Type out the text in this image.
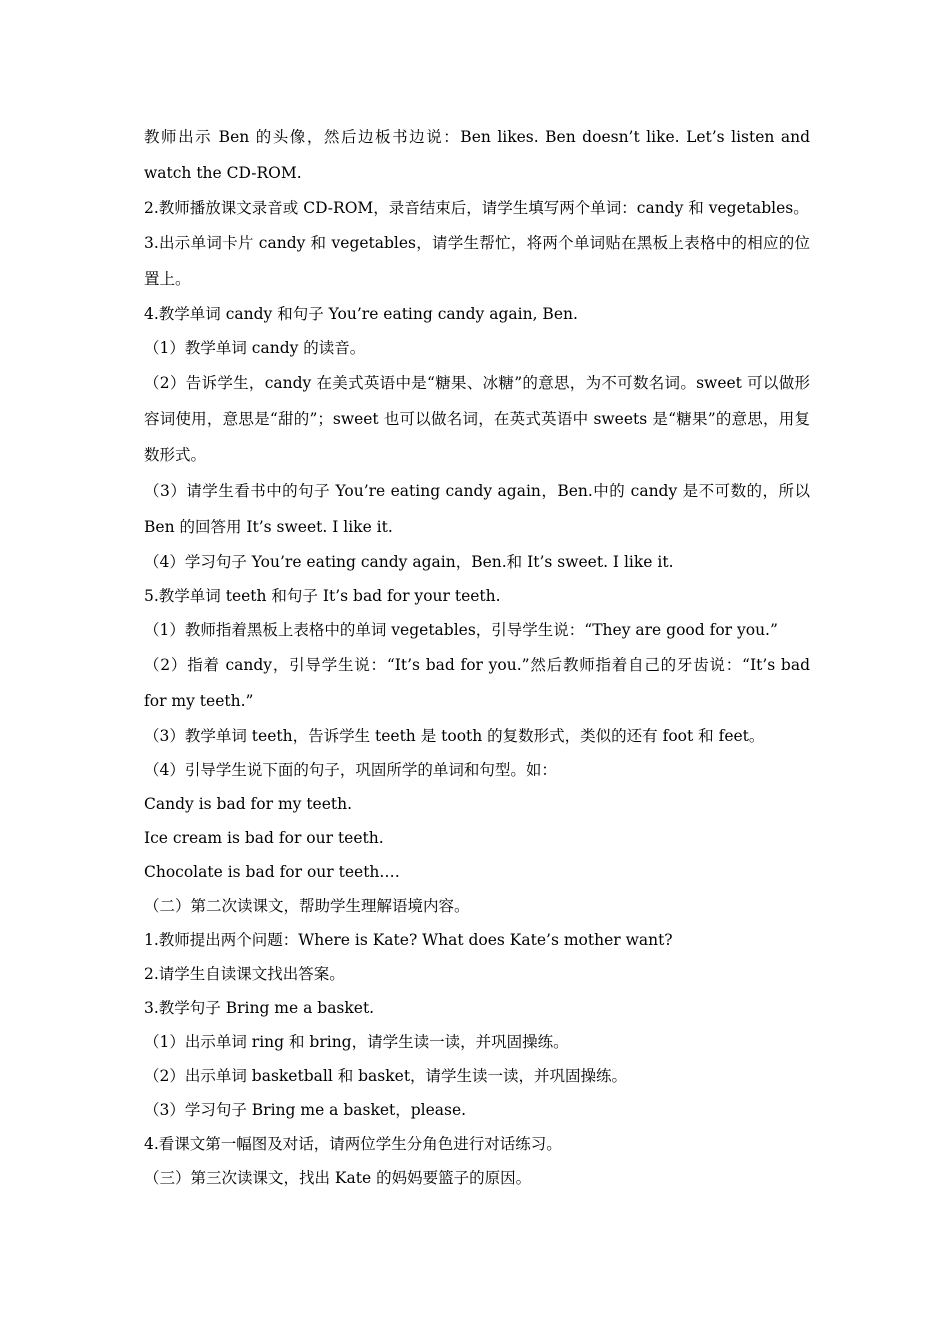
教师出示 Ben 的头像，然后边板书边说：Ben likes. Ben doesn’t like. Let’s listen and watch the CD-ROM.

2.教师播放课文录音或 CD-ROM，录音结束后，请学生填写两个单词：candy 和 vegetables。

3.出示单词卡片 candy 和 vegetables，请学生帮忙，将两个单词贴在黑板上表格中的相应的位置上。

4.教学单词 candy 和句子 You’re eating candy again, Ben.

（1）教学单词 candy 的读音。

（2）告诉学生，candy 在美式英语中是“糖果、冰糖”的意思，为不可数名词。sweet 可以做形容词使用，意思是“甜的”；sweet 也可以做名词，在英式英语中 sweets 是“糖果”的意思，用复数形式。

（3）请学生看书中的句子 You’re eating candy again，Ben.中的 candy 是不可数的，所以 Ben 的回答用 It’s sweet. I like it.

（4）学习句子 You’re eating candy again，Ben.和 It’s sweet. I like it.

5.教学单词 teeth 和句子 It’s bad for your teeth.

（1）教师指着黑板上表格中的单词 vegetables，引导学生说：“They are good for you.”

（2）指着 candy，引导学生说：“It’s bad for you.”然后教师指着自己的牙齿说：“It’s bad for my teeth.”

（3）教学单词 teeth，告诉学生 teeth 是 tooth 的复数形式，类似的还有 foot 和 feet。

（4）引导学生说下面的句子，巩固所学的单词和句型。如：

Candy is bad for my teeth.

Ice cream is bad for our teeth.

Chocolate is bad for our teeth.…

（二）第二次读课文，帮助学生理解语境内容。

1.教师提出两个问题：Where is Kate? What does Kate’s mother want?

2.请学生自读课文找出答案。

3.教学句子 Bring me a basket.

（1）出示单词 ring 和 bring，请学生读一读，并巩固操练。

（2）出示单词 basketball 和 basket，请学生读一读，并巩固操练。

（3）学习句子 Bring me a basket，please.

4.看课文第一幅图及对话，请两位学生分角色进行对话练习。

（三）第三次读课文，找出 Kate 的妈妈要篮子的原因。
